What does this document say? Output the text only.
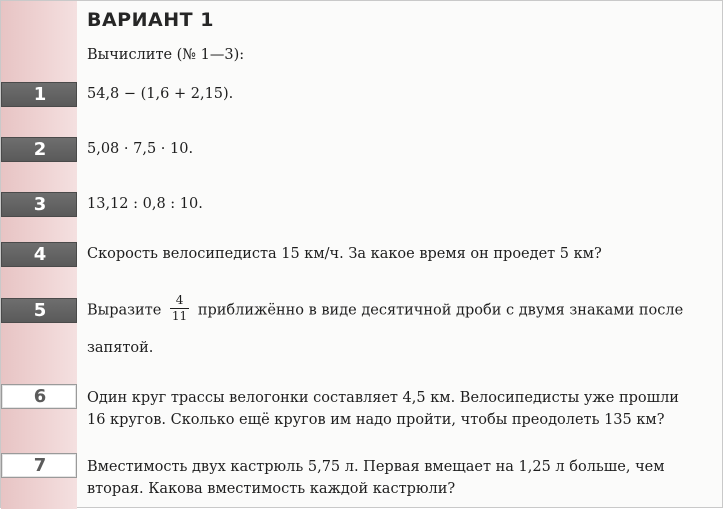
ВАРИАНТ 1
Вычислите (№ 1—3):
1	54,8 − (1,6 + 2,15).
2	5,08 · 7,5 · 10.
3	13,12 : 0,8 : 10.
4	Скорость велосипедиста 15 км/ч. За какое время он проедет 5 км?
5	Выразите $\frac{4}{11}$ приближённо в виде десятичной дроби с двумя знаками после
запятой.
6	Один круг трассы велогонки составляет 4,5 км. Велосипедисты уже прошли
16 кругов. Сколько ещё кругов им надо пройти, чтобы преодолеть 135 км?
7	Вместимость двух кастрюль 5,75 л. Первая вмещает на 1,25 л больше, чем
вторая. Какова вместимость каждой кастрюли?
